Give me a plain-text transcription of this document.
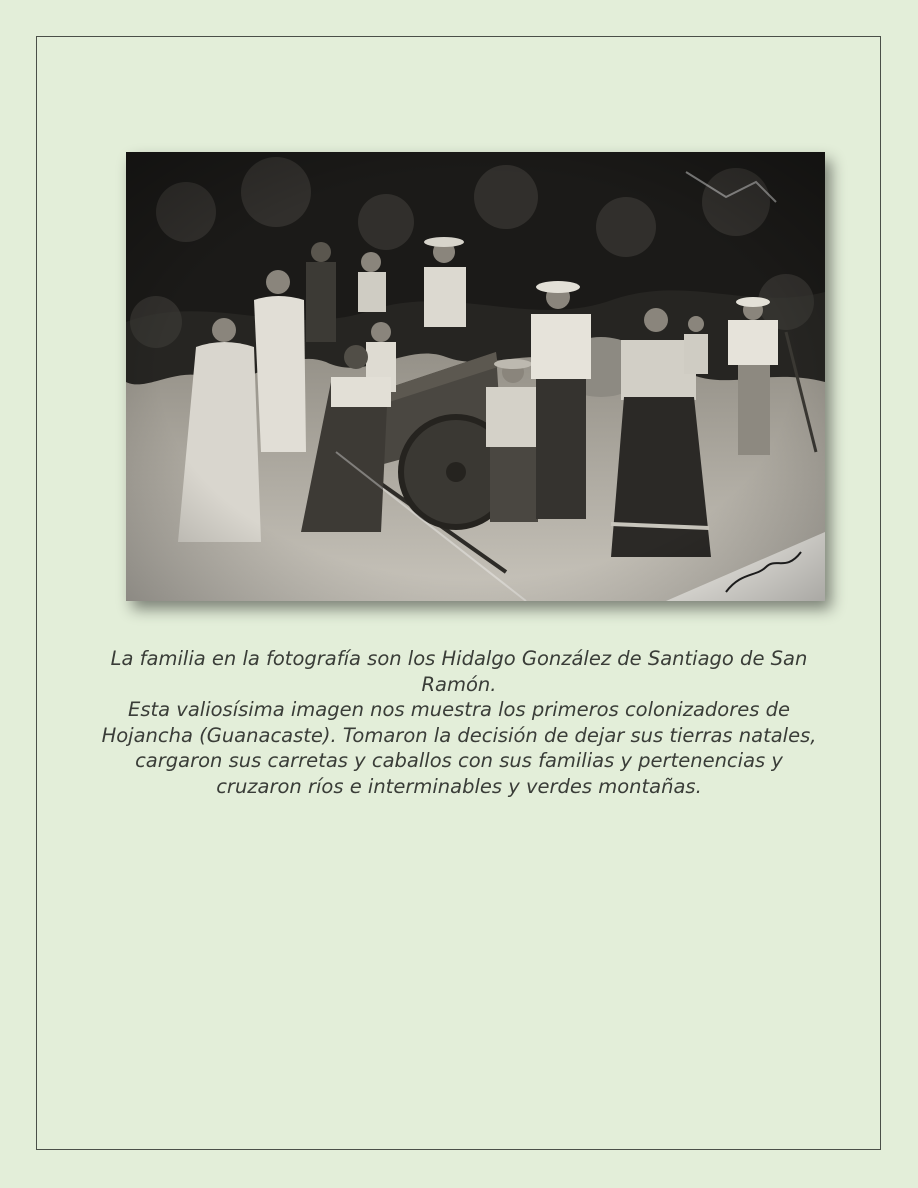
La familia en la fotografía son los Hidalgo González de Santiago de San Ramón.

Esta valiosísima imagen nos muestra los primeros colonizadores de Hojancha (Guanacaste). Tomaron la decisión de dejar sus tierras natales, cargaron sus carretas y caballos con sus familias y pertenencias y cruzaron ríos e interminables y verdes montañas.
